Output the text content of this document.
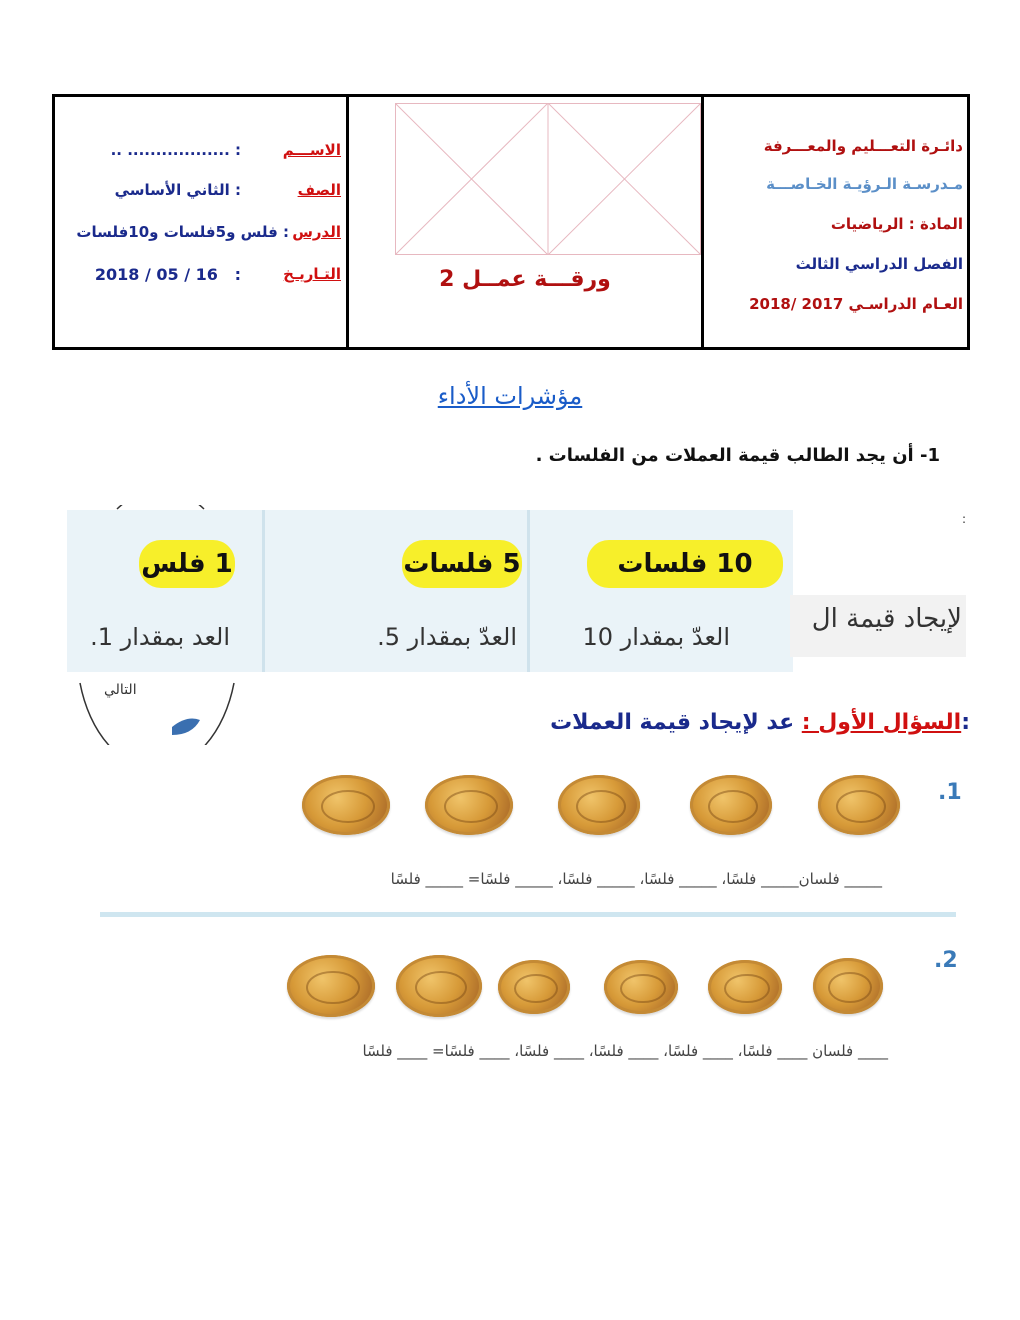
الاســـم
: .................. ..
الصف
: الثاني الأساسي
الدرس
: فلس و5فلسات و10فلسات
التـاريـخ
2018 / 05 / 16   :	ورقـــة عمــل 2
دائـرة التعـــليم والمعـــرفة
مـدرسـة الـرؤيـة الخـاصـــة
المادة : الرياضيات
الفصل الدراسي الثالث
العـام الدراسـي 2017 /2018
مؤشرات الأداء
1- أن يجد الطالب قيمة العملات من الفلسات .
:
10 فلسات
العدّ بمقدار 10
5 فلسات
العدّ بمقدار 5.
1 فلس
العد بمقدار 1.
لإيجاد قيمة ال
التالي
:السؤال الأول : عد لإيجاد قيمة العملات
.1
_____ فلسان_____ فلسًا، _____ فلسًا، _____ فلسًا، _____ فلسًا= _____ فلسًا
.2
____ فلسان ____ فلسًا، ____ فلسًا، ____ فلسًا، ____ فلسًا، ____ فلسًا= ____ فلسًا
